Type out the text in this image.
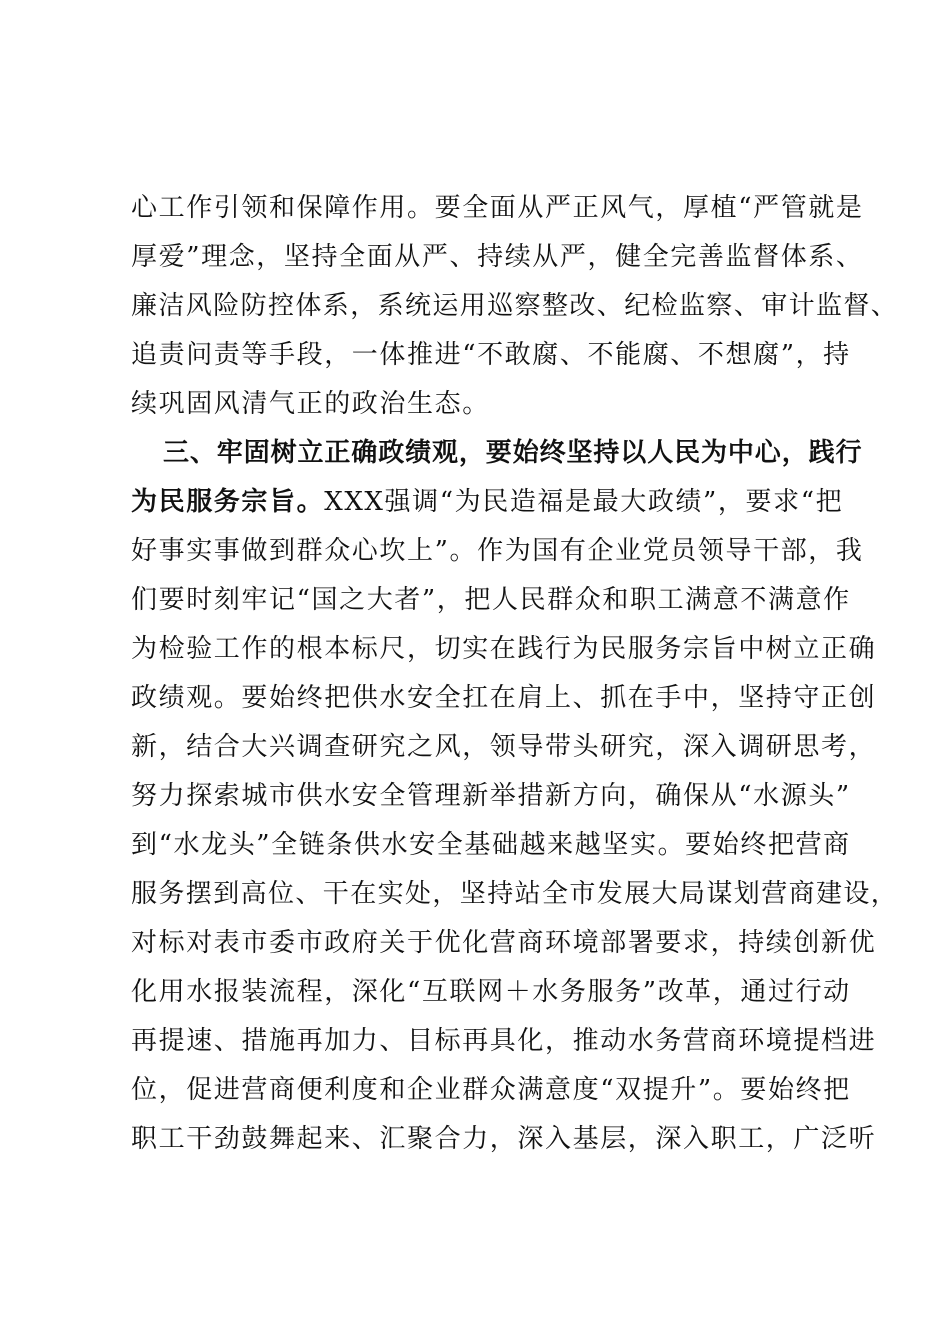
心工作引领和保障作用。要全面从严正风气，厚植“严管就是
厚爱”理念，坚持全面从严、持续从严，健全完善监督体系、
廉洁风险防控体系，系统运用巡察整改、纪检监察、审计监督、
追责问责等手段，一体推进“不敢腐、不能腐、不想腐”，持
续巩固风清气正的政治生态。
三、牢固树立正确政绩观，要始终坚持以人民为中心，践行
为民服务宗旨。XXX强调“为民造福是最大政绩”，要求“把
好事实事做到群众心坎上”。作为国有企业党员领导干部，我
们要时刻牢记“国之大者”，把人民群众和职工满意不满意作
为检验工作的根本标尺，切实在践行为民服务宗旨中树立正确
政绩观。要始终把供水安全扛在肩上、抓在手中，坚持守正创
新，结合大兴调查研究之风，领导带头研究，深入调研思考，
努力探索城市供水安全管理新举措新方向，确保从“水源头”
到“水龙头”全链条供水安全基础越来越坚实。要始终把营商
服务摆到高位、干在实处，坚持站全市发展大局谋划营商建设，
对标对表市委市政府关于优化营商环境部署要求，持续创新优
化用水报装流程，深化“互联网＋水务服务”改革，通过行动
再提速、措施再加力、目标再具化，推动水务营商环境提档进
位，促进营商便利度和企业群众满意度“双提升”。要始终把
职工干劲鼓舞起来、汇聚合力，深入基层，深入职工，广泛听
